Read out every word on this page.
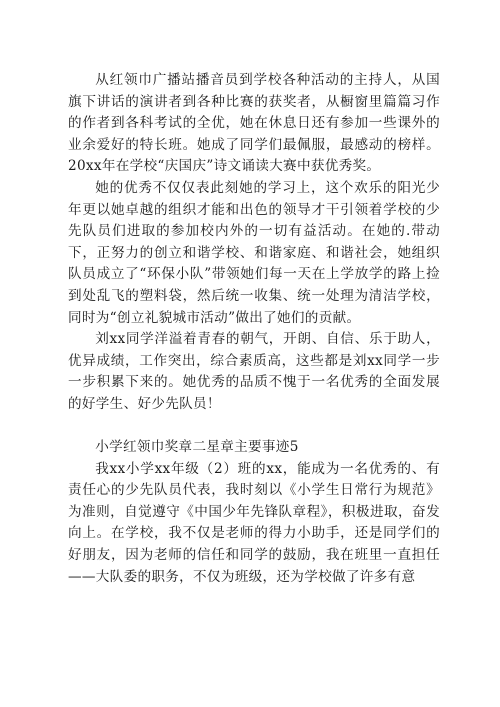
从红领巾广播站播音员到学校各种活动的主持人，从国旗下讲话的演讲者到各种比赛的获奖者，从橱窗里篇篇习作的作者到各科考试的全优，她在休息日还有参加一些课外的业余爱好的特长班。她成了同学们最佩服，最感动的榜样。20xx年在学校“庆国庆”诗文诵读大赛中获优秀奖。

她的优秀不仅仅表此刻她的学习上，这个欢乐的阳光少年更以她卓越的组织才能和出色的领导才干引领着学校的少先队员们进取的参加校内外的一切有益活动。在她的.带动下，正努力的创立和谐学校、和谐家庭、和谐社会，她组织队员成立了“环保小队”带领她们每一天在上学放学的路上捡到处乱飞的塑料袋，然后统一收集、统一处理为清洁学校，同时为“创立礼貌城市活动”做出了她们的贡献。

刘xx同学洋溢着青春的朝气，开朗、自信、乐于助人，优异成绩，工作突出，综合素质高，这些都是刘xx同学一步一步积累下来的。她优秀的品质不愧于一名优秀的全面发展的好学生、好少先队员！

小学红领巾奖章二星章主要事迹5

我xx小学xx年级（2）班的xx，能成为一名优秀的、有责任心的少先队员代表，我时刻以《小学生日常行为规范》为准则，自觉遵守《中国少年先锋队章程》，积极进取，奋发向上。在学校，我不仅是老师的得力小助手，还是同学们的好朋友，因为老师的信任和同学的鼓励，我在班里一直担任——大队委的职务，不仅为班级，还为学校做了许多有意
